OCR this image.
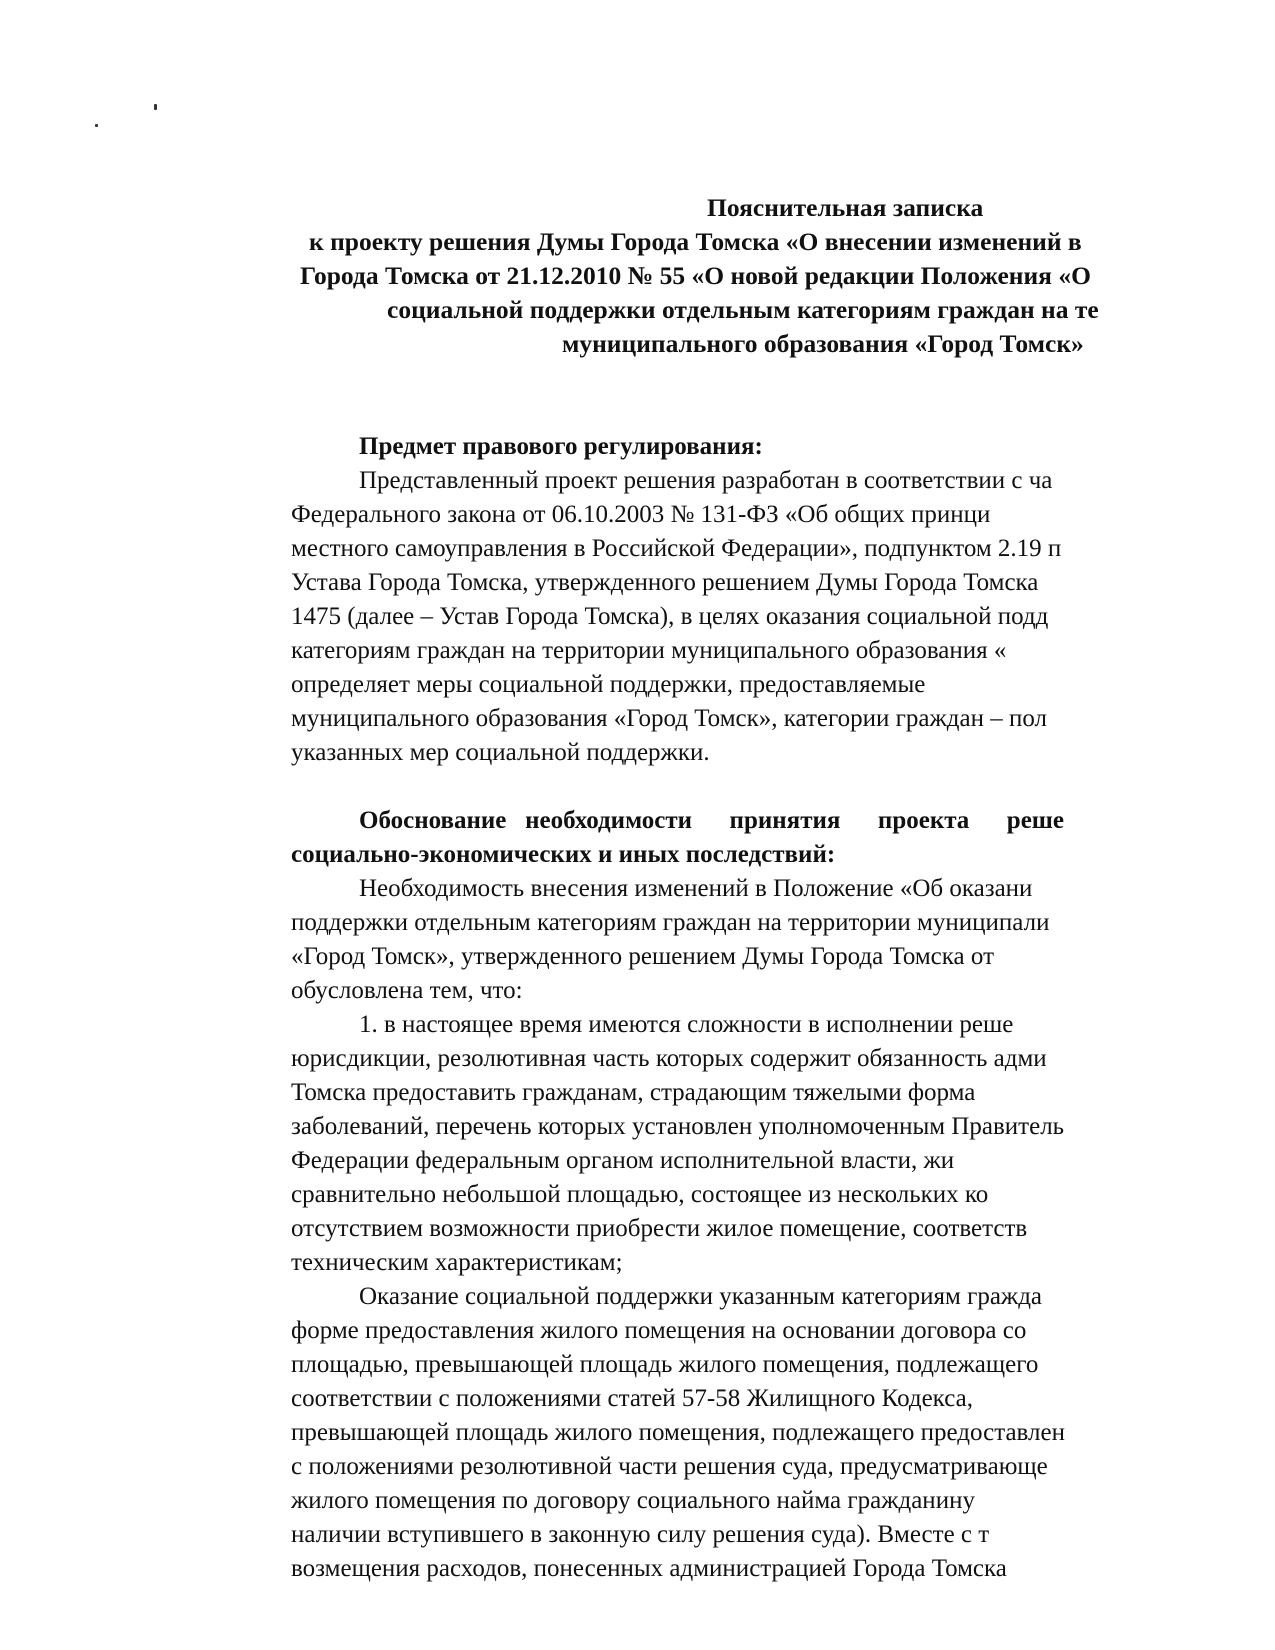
Пояснительная записка
к проекту решения Думы Города Томска «О внесении изменений в
Города Томска от 21.12.2010 № 55 «О новой редакции Положения «О
социальной поддержки отдельным категориям граждан на те
муниципального образования «Город Томск»
Предмет правового регулирования:
Представленный проект решения разработан в соответствии с ча
Федерального закона от 06.10.2003 № 131-ФЗ «Об общих принци
местного самоуправления в Российской Федерации», подпунктом 2.19 п
Устава Города Томска, утвержденного решением Думы Города Томска
1475 (далее – Устав Города Томска), в целях оказания социальной подд
категориям граждан на территории муниципального образования «
определяет меры социальной поддержки, предоставляемые
муниципального образования «Город Томск», категории граждан – пол
указанных мер социальной поддержки.
Обоснование   необходимости      принятия      проекта      реше
социально-экономических и иных последствий:
Необходимость внесения изменений в Положение «Об оказани
поддержки отдельным категориям граждан на территории муниципали
«Город Томск», утвержденного решением Думы Города Томска от
обусловлена тем, что:
1. в настоящее время имеются сложности в исполнении реше
юрисдикции, резолютивная часть которых содержит обязанность адми
Томска предоставить гражданам, страдающим тяжелыми форма
заболеваний, перечень которых установлен уполномоченным Правитель
Федерации федеральным органом исполнительной власти, жи
сравнительно небольшой площадью, состоящее из нескольких ко
отсутствием возможности приобрести жилое помещение, соответств
техническим характеристикам;
Оказание социальной поддержки указанным категориям гражда
форме предоставления жилого помещения на основании договора со
площадью, превышающей площадь жилого помещения, подлежащего
соответствии с положениями статей 57-58 Жилищного Кодекса,
превышающей площадь жилого помещения, подлежащего предоставлен
с положениями резолютивной части решения суда, предусматривающе
жилого помещения по договору социального найма гражданину
наличии вступившего в законную силу решения суда). Вместе с т
возмещения расходов, понесенных администрацией Города Томска
